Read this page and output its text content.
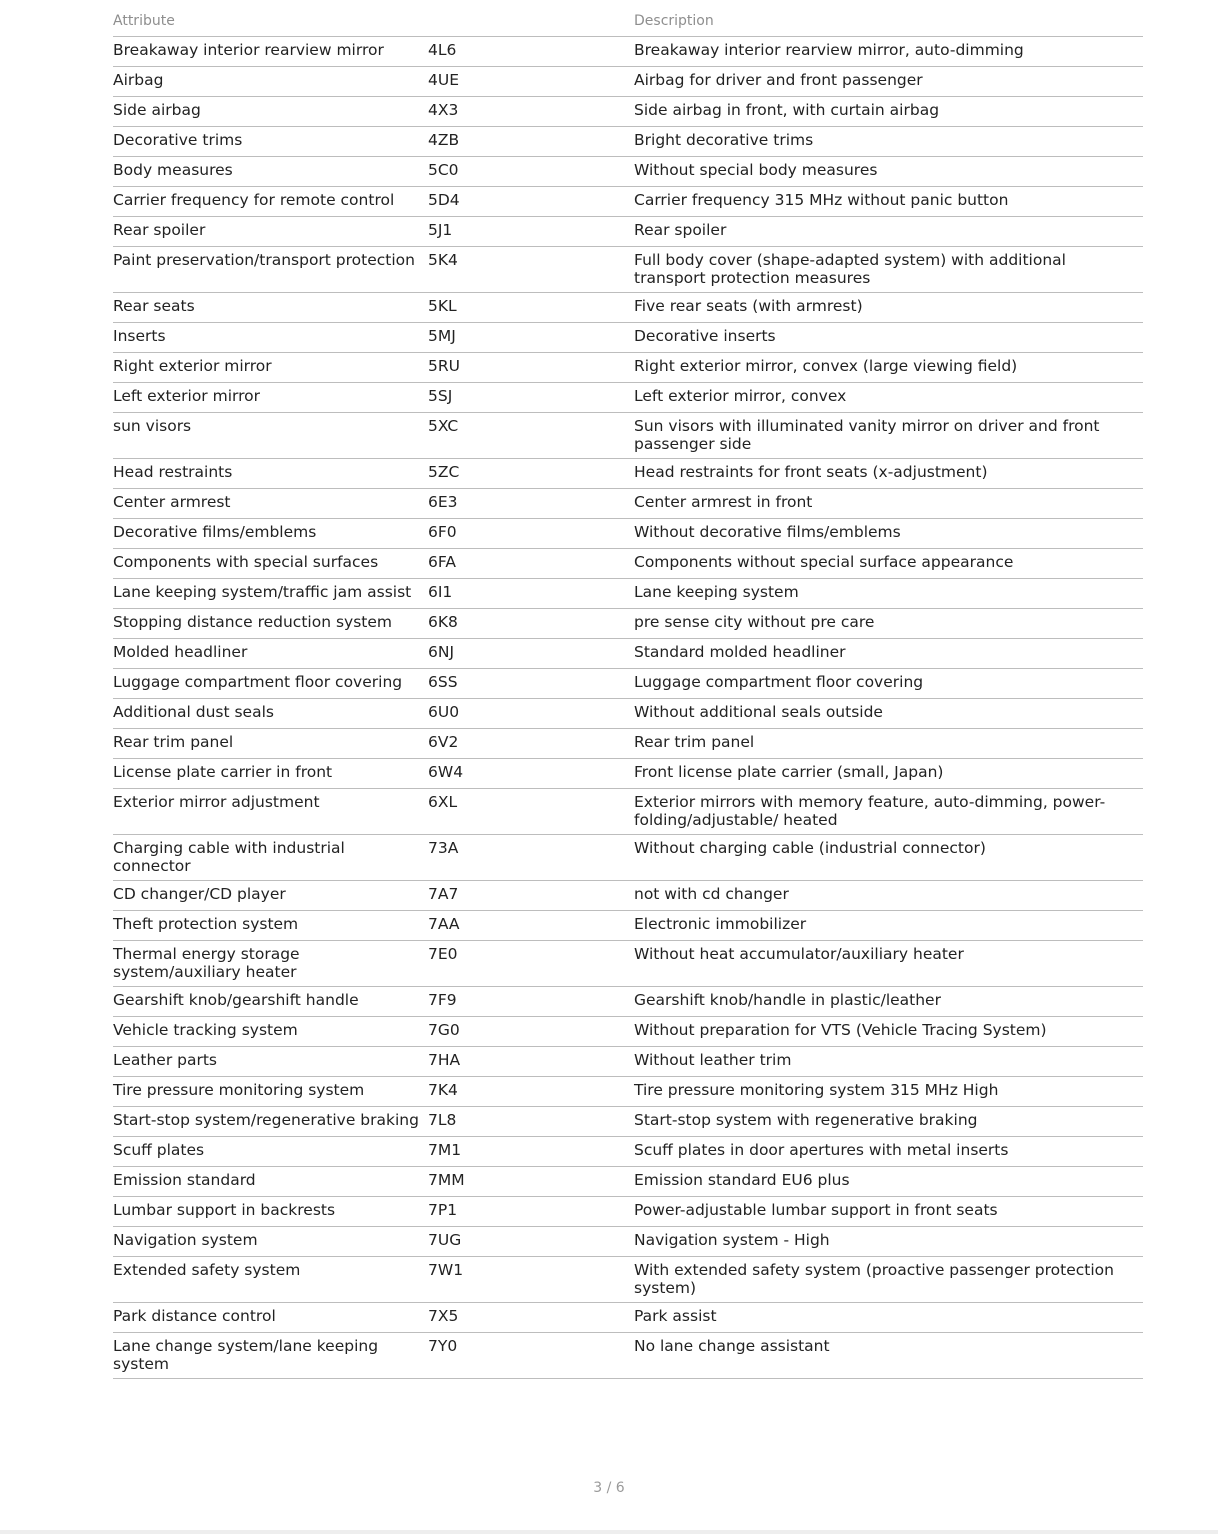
Attribute		Description
Breakaway interior rearview mirror	4L6	Breakaway interior rearview mirror, auto-dimming
Airbag	4UE	Airbag for driver and front passenger
Side airbag	4X3	Side airbag in front, with curtain airbag
Decorative trims	4ZB	Bright decorative trims
Body measures	5C0	Without special body measures
Carrier frequency for remote control	5D4	Carrier frequency 315 MHz without panic button
Rear spoiler	5J1	Rear spoiler
Paint preservation/transport protection	5K4	Full body cover (shape-adapted system) with additional transport protection measures
Rear seats	5KL	Five rear seats (with armrest)
Inserts	5MJ	Decorative inserts
Right exterior mirror	5RU	Right exterior mirror, convex (large viewing field)
Left exterior mirror	5SJ	Left exterior mirror, convex
sun visors	5XC	Sun visors with illuminated vanity mirror on driver and front passenger side
Head restraints	5ZC	Head restraints for front seats (x-adjustment)
Center armrest	6E3	Center armrest in front
Decorative films/emblems	6F0	Without decorative films/emblems
Components with special surfaces	6FA	Components without special surface appearance
Lane keeping system/traffic jam assist	6I1	Lane keeping system
Stopping distance reduction system	6K8	pre sense city without pre care
Molded headliner	6NJ	Standard molded headliner
Luggage compartment floor covering	6SS	Luggage compartment floor covering
Additional dust seals	6U0	Without additional seals outside
Rear trim panel	6V2	Rear trim panel
License plate carrier in front	6W4	Front license plate carrier (small, Japan)
Exterior mirror adjustment	6XL	Exterior mirrors with memory feature, auto-dimming, power-folding/adjustable/ heated
Charging cable with industrial connector	73A	Without charging cable (industrial connector)
CD changer/CD player	7A7	not with cd changer
Theft protection system	7AA	Electronic immobilizer
Thermal energy storage system/auxiliary heater	7E0	Without heat accumulator/auxiliary heater
Gearshift knob/gearshift handle	7F9	Gearshift knob/handle in plastic/leather
Vehicle tracking system	7G0	Without preparation for VTS (Vehicle Tracing System)
Leather parts	7HA	Without leather trim
Tire pressure monitoring system	7K4	Tire pressure monitoring system 315 MHz High
Start-stop system/regenerative braking	7L8	Start-stop system with regenerative braking
Scuff plates	7M1	Scuff plates in door apertures with metal inserts
Emission standard	7MM	Emission standard EU6 plus
Lumbar support in backrests	7P1	Power-adjustable lumbar support in front seats
Navigation system	7UG	Navigation system - High
Extended safety system	7W1	With extended safety system (proactive passenger protection system)
Park distance control	7X5	Park assist
Lane change system/lane keeping system	7Y0	No lane change assistant
3 / 6
